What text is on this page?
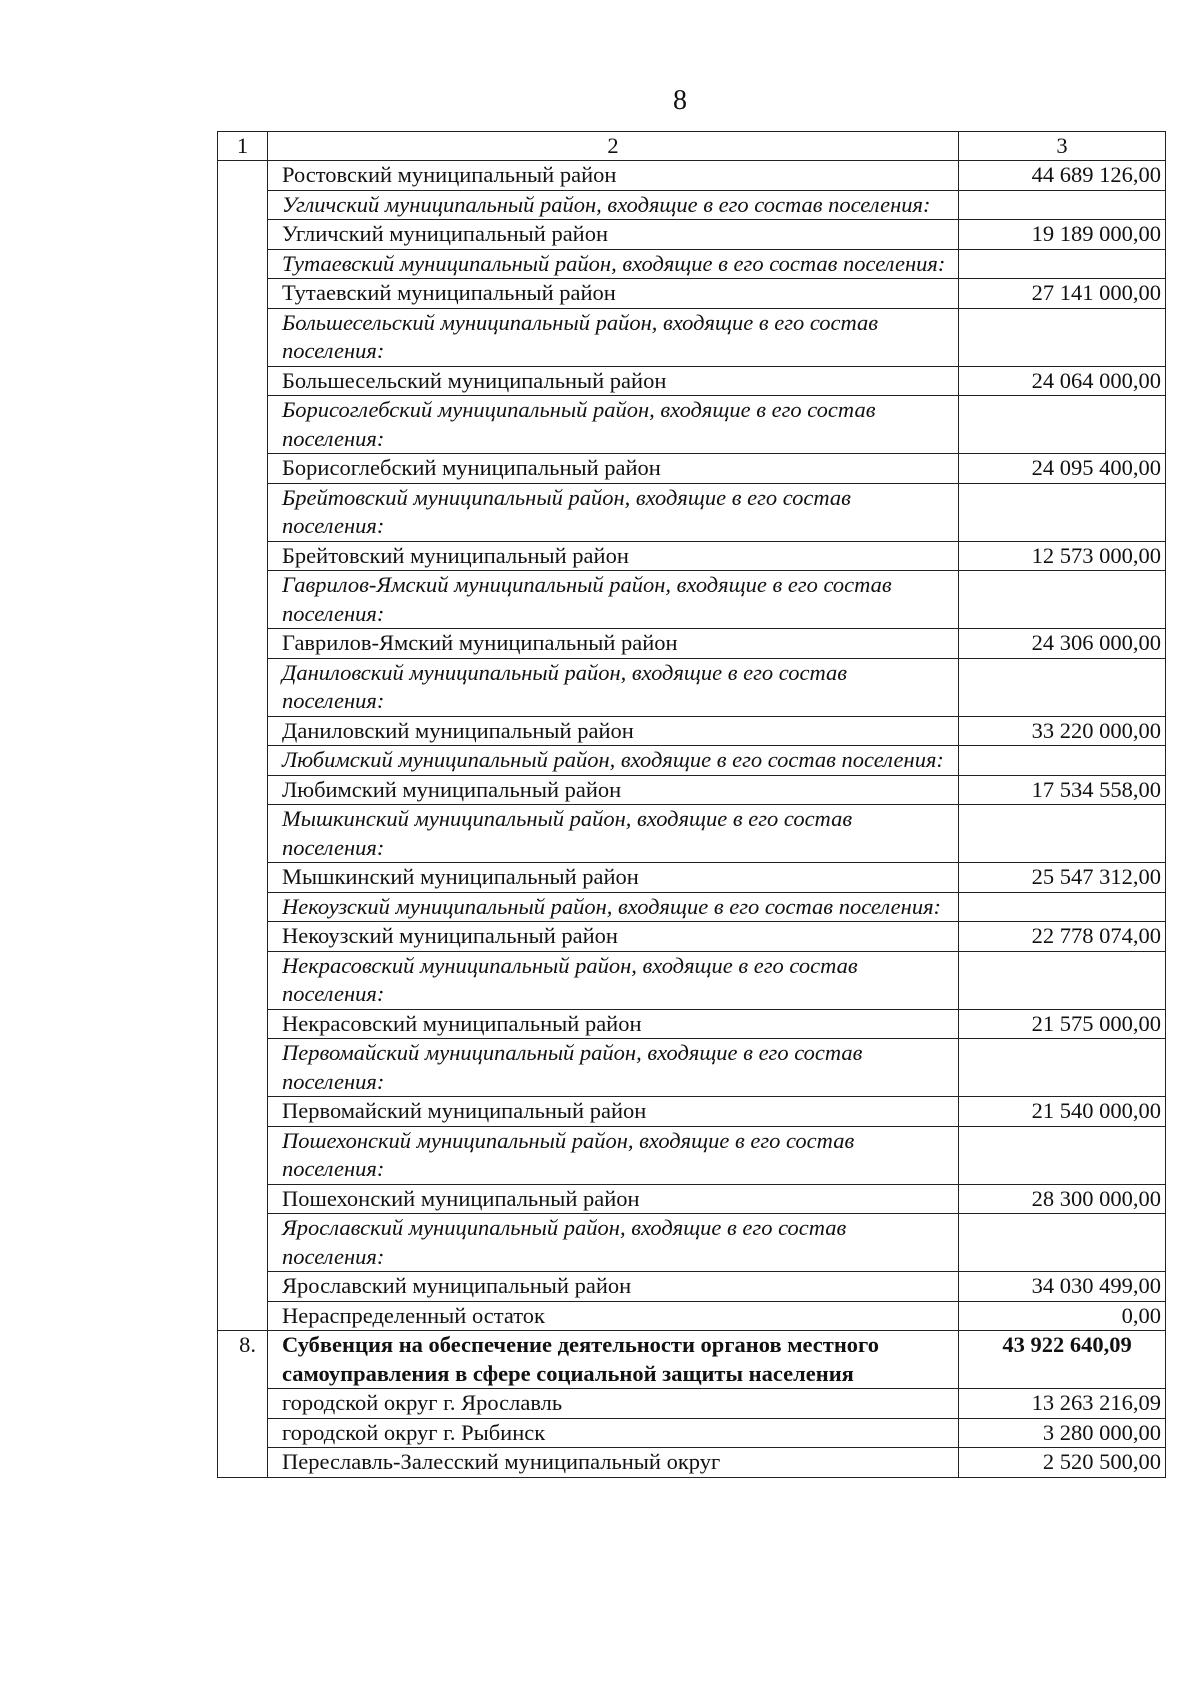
8
1	2	3
	Ростовский муниципальный район	44 689 126,00
	Угличский муниципальный район, входящие в его состав поселения:	
	Угличский муниципальный район	19 189 000,00
	Тутаевский муниципальный район, входящие в его состав поселения:	
	Тутаевский муниципальный район	27 141 000,00
	Большесельский муниципальный район, входящие в его состав поселения:	
	Большесельский муниципальный район	24 064 000,00
	Борисоглебский муниципальный район, входящие в его состав поселения:	
	Борисоглебский муниципальный район	24 095 400,00
	Брейтовский муниципальный район, входящие в его состав поселения:	
	Брейтовский муниципальный район	12 573 000,00
	Гаврилов-Ямский муниципальный район, входящие в его состав поселения:	
	Гаврилов-Ямский муниципальный район	24 306 000,00
	Даниловский муниципальный район, входящие в его состав поселения:	
	Даниловский муниципальный район	33 220 000,00
	Любимский муниципальный район, входящие в его состав поселения:	
	Любимский муниципальный район	17 534 558,00
	Мышкинский муниципальный район, входящие в его состав поселения:	
	Мышкинский муниципальный район	25 547 312,00
	Некоузский муниципальный район, входящие в его состав поселения:	
	Некоузский муниципальный район	22 778 074,00
	Некрасовский муниципальный район, входящие в его состав поселения:	
	Некрасовский муниципальный район	21 575 000,00
	Первомайский муниципальный район, входящие в его состав поселения:	
	Первомайский муниципальный район	21 540 000,00
	Пошехонский муниципальный район, входящие в его состав поселения:	
	Пошехонский муниципальный район	28 300 000,00
	Ярославский муниципальный район, входящие в его состав поселения:	
	Ярославский муниципальный район	34 030 499,00
	Нераспределенный остаток	0,00
8.	Субвенция на обеспечение деятельности органов местного самоуправления в сфере социальной защиты населения	43 922 640,09
	городской округ г. Ярославль	13 263 216,09
	городской округ г. Рыбинск	3 280 000,00
	Переславль-Залесский муниципальный округ	2 520 500,00
